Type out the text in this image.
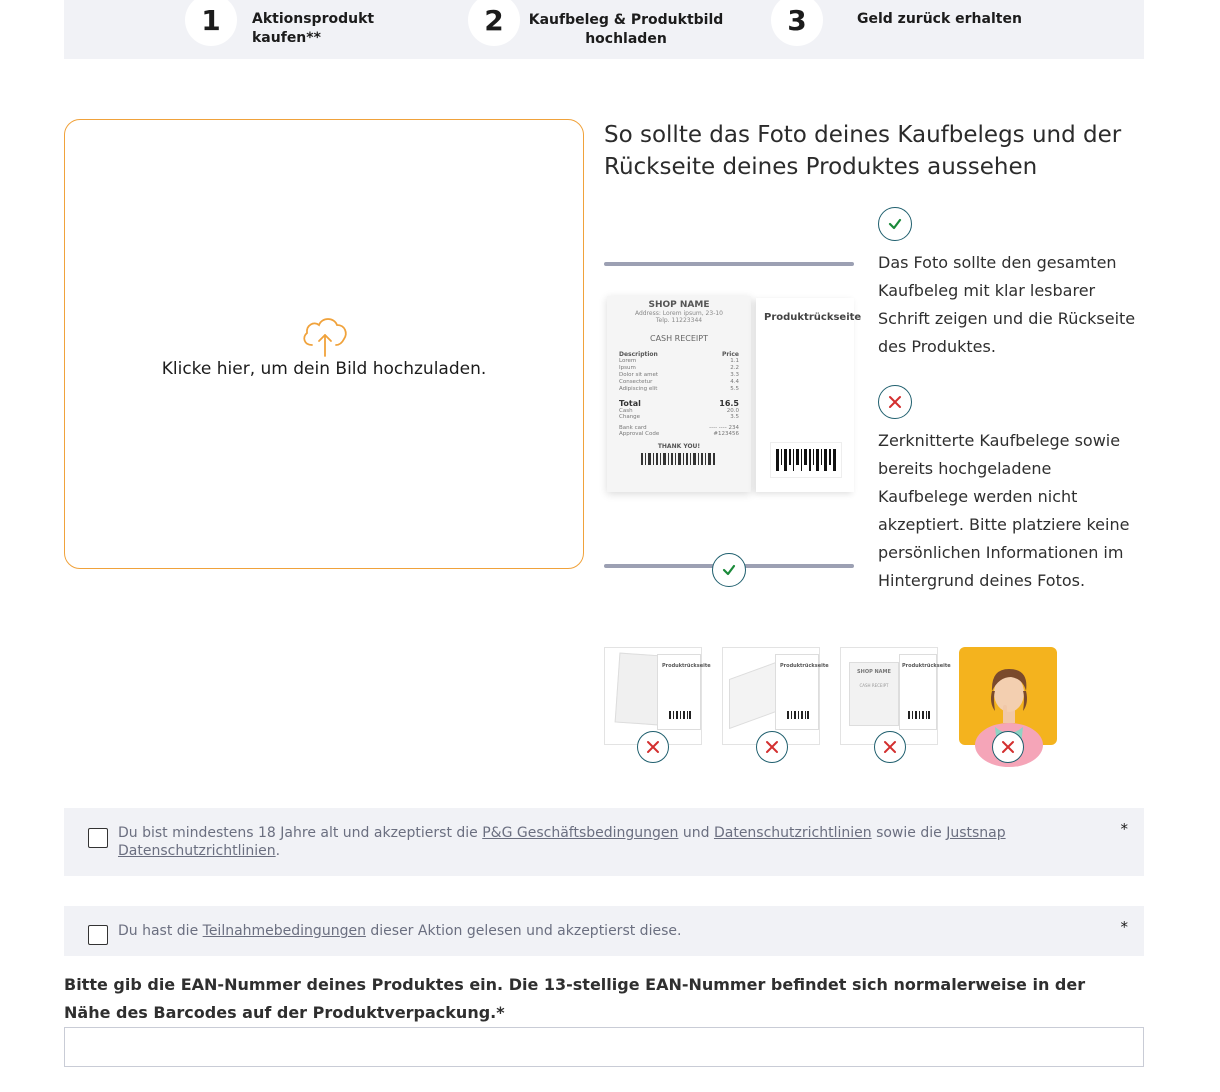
1	Aktionsprodukt kaufen**
2	Kaufbeleg & Produktbild hochladen
3	Geld zurück erhalten
Klicke hier, um dein Bild hochzuladen.
So sollte das Foto deines Kaufbelegs und der Rückseite deines Produktes aussehen
SHOP NAME
Address: Lorem ipsum, 23-10
Telp. 11223344
CASH RECEIPT
Description	Price
Lorem	1.1
Ipsum	2.2
Dolor sit amet	3.3
Consectetur	4.4
Adipiscing elit	5.5
Total	16.5
Cash	20.0
Change	3.5
Bank card	---- ---- 234
Approval Code	#123456
THANK YOU!
Produktrückseite
Das Foto sollte den gesamten Kaufbeleg mit klar lesbarer Schrift zeigen und die Rückseite des Produktes.
Zerknitterte Kaufbelege sowie bereits hochgeladene Kaufbelege werden nicht akzeptiert. Bitte platziere keine persönlichen Informationen im Hintergrund deines Fotos.
Produktrückseite	Produktrückseite
SHOP NAME
CASH RECEIPT
Produktrückseite
Du bist mindestens 18 Jahre alt und akzeptierst die P&G Geschäftsbedingungen und Datenschutzrichtlinien sowie die Justsnap Datenschutzrichtlinien.
*
Du hast die Teilnahmebedingungen dieser Aktion gelesen und akzeptierst diese.	*
Bitte gib die EAN-Nummer deines Produktes ein. Die 13-stellige EAN-Nummer befindet sich normalerweise in der Nähe des Barcodes auf der Produktverpackung.*
